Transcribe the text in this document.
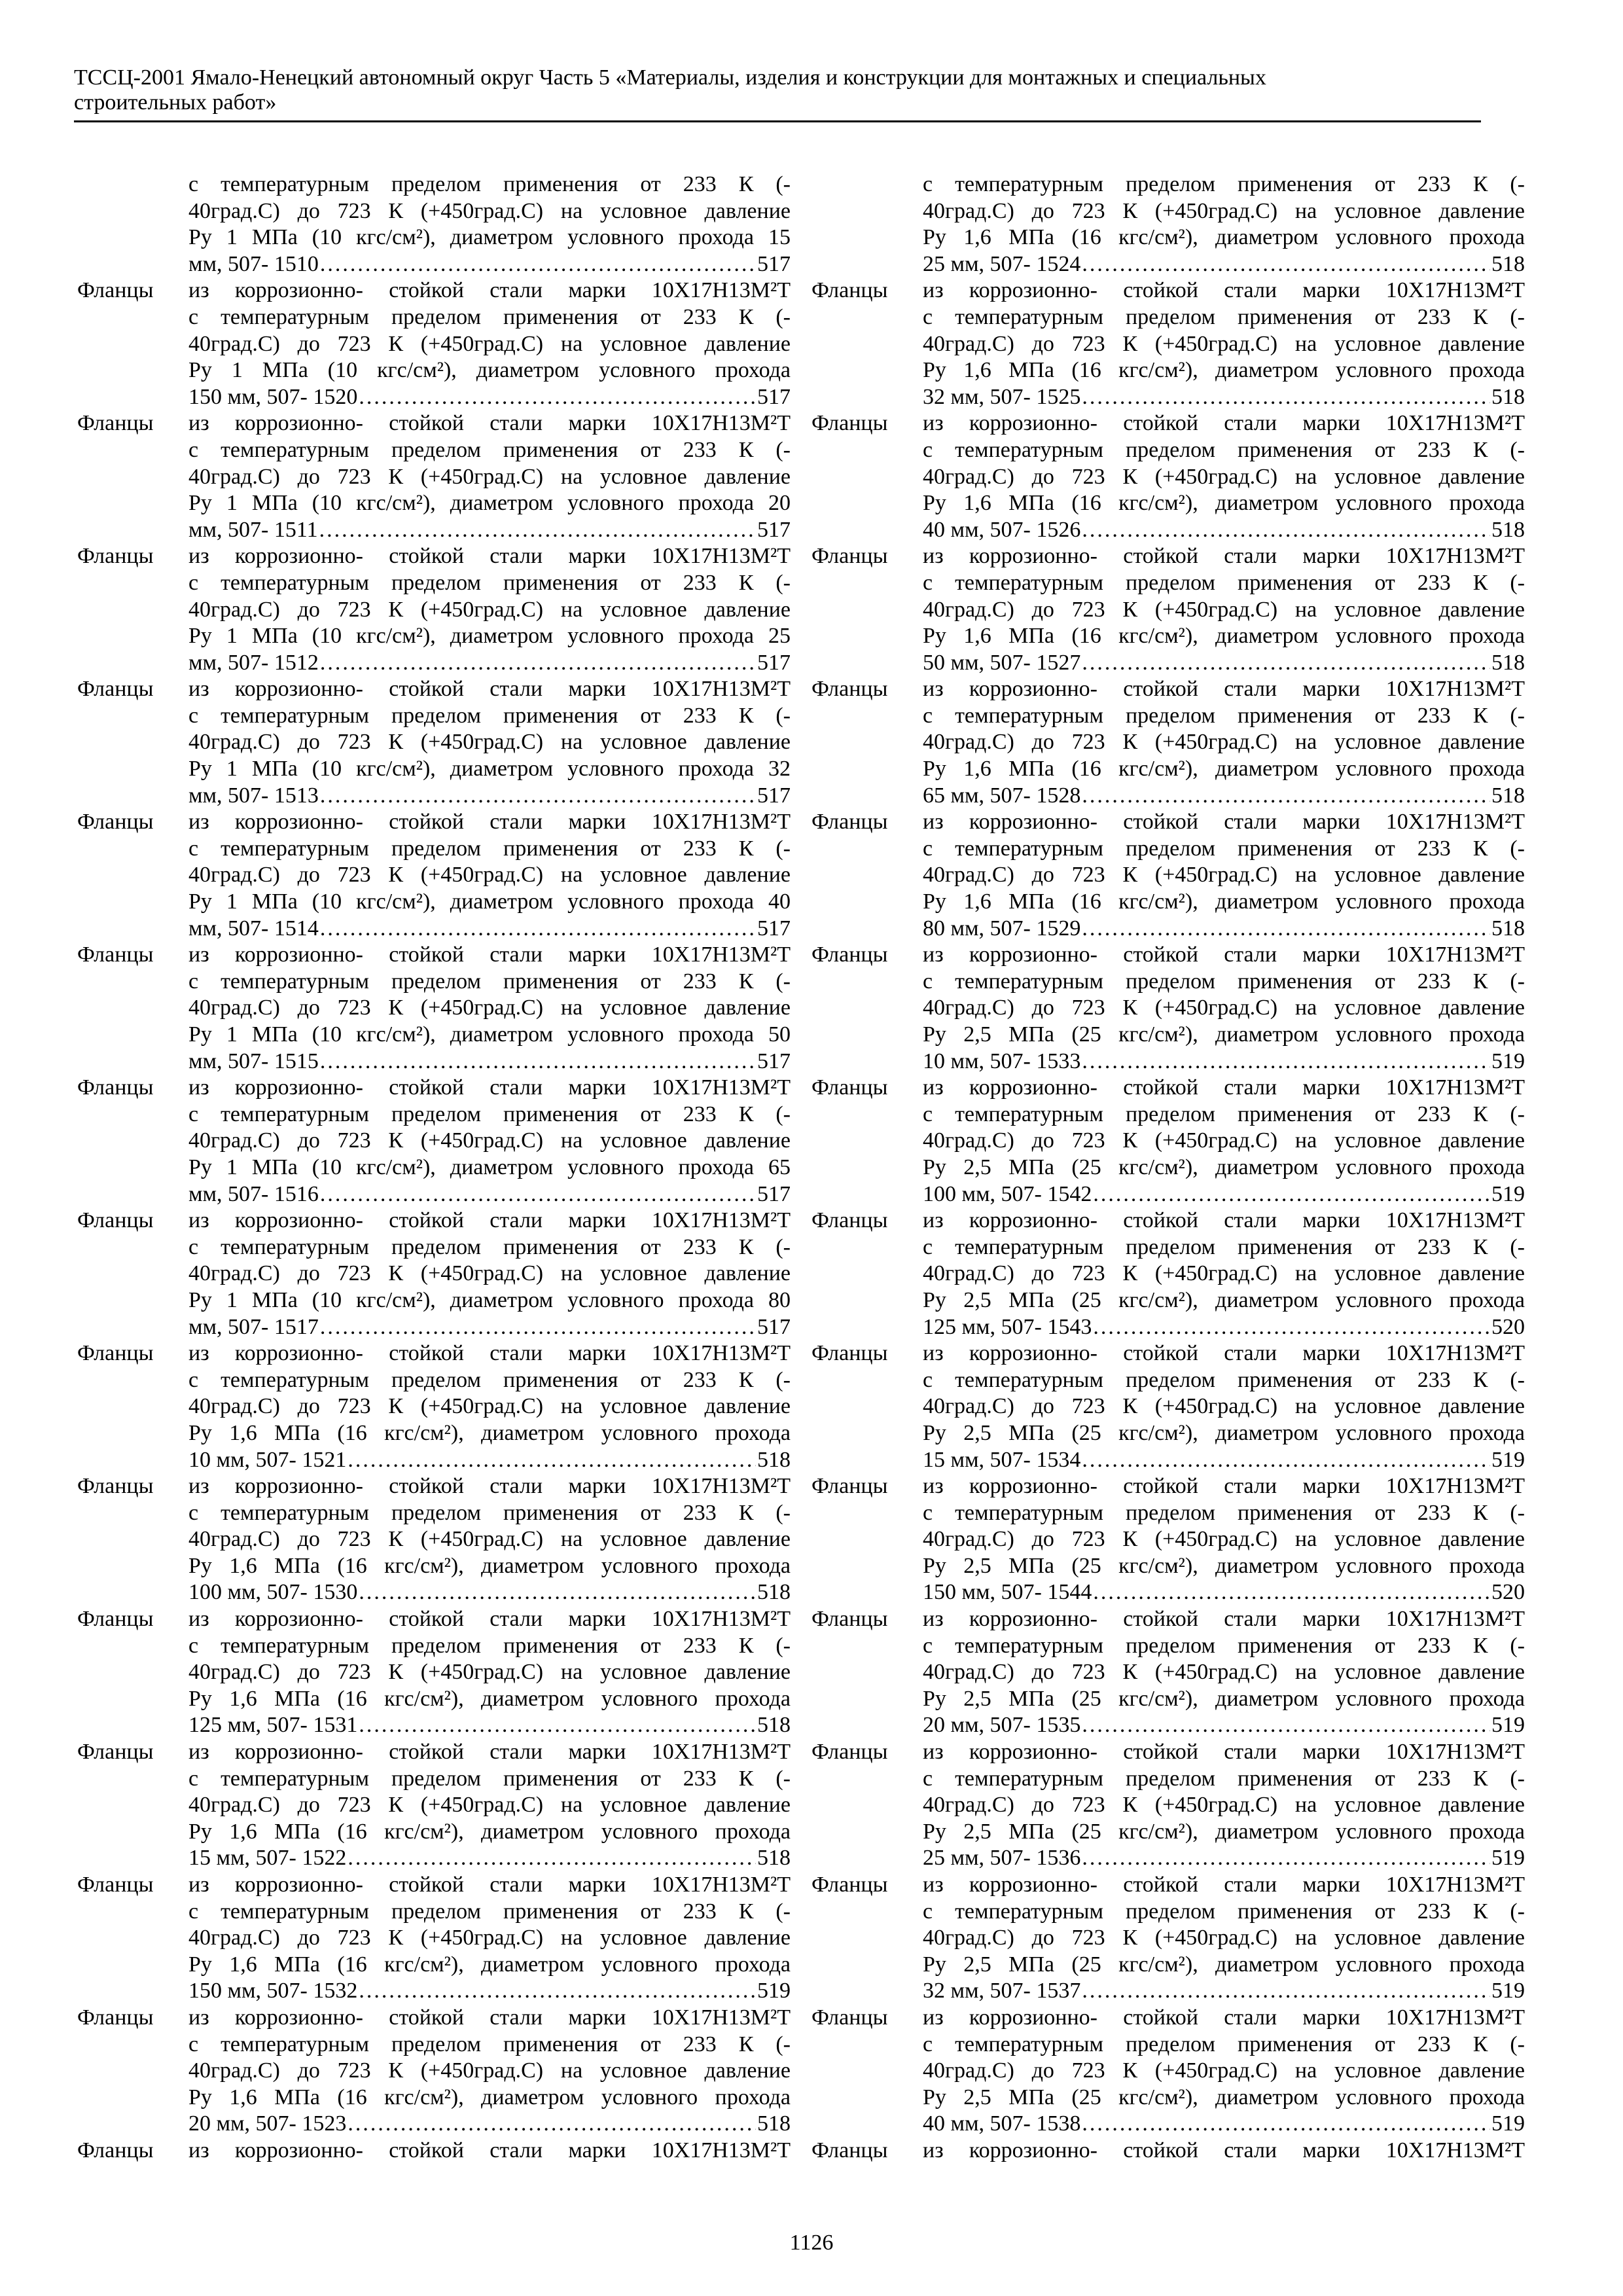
ТССЦ-2001 Ямало-Ненецкий автономный округ Часть 5 «Материалы, изделия и конструкции для монтажных и специальных
строительных работ»
с температурным пределом применения от 233 К (-
40град.С) до 723 К (+450град.С) на условное давление
Ру 1 МПа (10 кгс/см²), диаметром условного прохода 15
мм, 507- 1510 .....	517
Фланцы из коррозионно- стойкой стали марки 10Х17Н13М²Т
с температурным пределом применения от 233 К (-
40град.С) до 723 К (+450град.С) на условное давление
Ру 1 МПа (10 кгс/см²), диаметром условного прохода
150 мм, 507- 1520 .....	517
Фланцы из коррозионно- стойкой стали марки 10Х17Н13М²Т
с температурным пределом применения от 233 К (-
40град.С) до 723 К (+450град.С) на условное давление
Ру 1 МПа (10 кгс/см²), диаметром условного прохода 20
мм, 507- 1511 .....	517
Фланцы из коррозионно- стойкой стали марки 10Х17Н13М²Т
с температурным пределом применения от 233 К (-
40град.С) до 723 К (+450град.С) на условное давление
Ру 1 МПа (10 кгс/см²), диаметром условного прохода 25
мм, 507- 1512 .....	517
Фланцы из коррозионно- стойкой стали марки 10Х17Н13М²Т
с температурным пределом применения от 233 К (-
40град.С) до 723 К (+450град.С) на условное давление
Ру 1 МПа (10 кгс/см²), диаметром условного прохода 32
мм, 507- 1513 .....	517
Фланцы из коррозионно- стойкой стали марки 10Х17Н13М²Т
с температурным пределом применения от 233 К (-
40град.С) до 723 К (+450град.С) на условное давление
Ру 1 МПа (10 кгс/см²), диаметром условного прохода 40
мм, 507- 1514 .....	517
Фланцы из коррозионно- стойкой стали марки 10Х17Н13М²Т
с температурным пределом применения от 233 К (-
40град.С) до 723 К (+450град.С) на условное давление
Ру 1 МПа (10 кгс/см²), диаметром условного прохода 50
мм, 507- 1515 .....	517
Фланцы из коррозионно- стойкой стали марки 10Х17Н13М²Т
с температурным пределом применения от 233 К (-
40град.С) до 723 К (+450град.С) на условное давление
Ру 1 МПа (10 кгс/см²), диаметром условного прохода 65
мм, 507- 1516 .....	517
Фланцы из коррозионно- стойкой стали марки 10Х17Н13М²Т
с температурным пределом применения от 233 К (-
40град.С) до 723 К (+450град.С) на условное давление
Ру 1 МПа (10 кгс/см²), диаметром условного прохода 80
мм, 507- 1517 .....	517
Фланцы из коррозионно- стойкой стали марки 10Х17Н13М²Т
с температурным пределом применения от 233 К (-
40град.С) до 723 К (+450град.С) на условное давление
Ру 1,6 МПа (16 кгс/см²), диаметром условного прохода
10 мм, 507- 1521 .....	518
Фланцы из коррозионно- стойкой стали марки 10Х17Н13М²Т
с температурным пределом применения от 233 К (-
40град.С) до 723 К (+450град.С) на условное давление
Ру 1,6 МПа (16 кгс/см²), диаметром условного прохода
100 мм, 507- 1530 .....	518
Фланцы из коррозионно- стойкой стали марки 10Х17Н13М²Т
с температурным пределом применения от 233 К (-
40град.С) до 723 К (+450град.С) на условное давление
Ру 1,6 МПа (16 кгс/см²), диаметром условного прохода
125 мм, 507- 1531 .....	518
Фланцы из коррозионно- стойкой стали марки 10Х17Н13М²Т
с температурным пределом применения от 233 К (-
40град.С) до 723 К (+450град.С) на условное давление
Ру 1,6 МПа (16 кгс/см²), диаметром условного прохода
15 мм, 507- 1522 .....	518
Фланцы из коррозионно- стойкой стали марки 10Х17Н13М²Т
с температурным пределом применения от 233 К (-
40град.С) до 723 К (+450град.С) на условное давление
Ру 1,6 МПа (16 кгс/см²), диаметром условного прохода
150 мм, 507- 1532 .....	519
Фланцы из коррозионно- стойкой стали марки 10Х17Н13М²Т
с температурным пределом применения от 233 К (-
40град.С) до 723 К (+450град.С) на условное давление
Ру 1,6 МПа (16 кгс/см²), диаметром условного прохода
20 мм, 507- 1523 .....	518
Фланцы из коррозионно- стойкой стали марки 10Х17Н13М²Т
с температурным пределом применения от 233 К (-
40град.С) до 723 К (+450град.С) на условное давление
Ру 1,6 МПа (16 кгс/см²), диаметром условного прохода
25 мм, 507- 1524 .....	518
Фланцы из коррозионно- стойкой стали марки 10Х17Н13М²Т
с температурным пределом применения от 233 К (-
40град.С) до 723 К (+450град.С) на условное давление
Ру 1,6 МПа (16 кгс/см²), диаметром условного прохода
32 мм, 507- 1525 .....	518
Фланцы из коррозионно- стойкой стали марки 10Х17Н13М²Т
с температурным пределом применения от 233 К (-
40град.С) до 723 К (+450град.С) на условное давление
Ру 1,6 МПа (16 кгс/см²), диаметром условного прохода
40 мм, 507- 1526 .....	518
Фланцы из коррозионно- стойкой стали марки 10Х17Н13М²Т
с температурным пределом применения от 233 К (-
40град.С) до 723 К (+450град.С) на условное давление
Ру 1,6 МПа (16 кгс/см²), диаметром условного прохода
50 мм, 507- 1527 .....	518
Фланцы из коррозионно- стойкой стали марки 10Х17Н13М²Т
с температурным пределом применения от 233 К (-
40град.С) до 723 К (+450град.С) на условное давление
Ру 1,6 МПа (16 кгс/см²), диаметром условного прохода
65 мм, 507- 1528 .....	518
Фланцы из коррозионно- стойкой стали марки 10Х17Н13М²Т
с температурным пределом применения от 233 К (-
40град.С) до 723 К (+450град.С) на условное давление
Ру 1,6 МПа (16 кгс/см²), диаметром условного прохода
80 мм, 507- 1529 .....	518
Фланцы из коррозионно- стойкой стали марки 10Х17Н13М²Т
с температурным пределом применения от 233 К (-
40град.С) до 723 К (+450град.С) на условное давление
Ру 2,5 МПа (25 кгс/см²), диаметром условного прохода
10 мм, 507- 1533 .....	519
Фланцы из коррозионно- стойкой стали марки 10Х17Н13М²Т
с температурным пределом применения от 233 К (-
40град.С) до 723 К (+450град.С) на условное давление
Ру 2,5 МПа (25 кгс/см²), диаметром условного прохода
100 мм, 507- 1542 .....	519
Фланцы из коррозионно- стойкой стали марки 10Х17Н13М²Т
с температурным пределом применения от 233 К (-
40град.С) до 723 К (+450град.С) на условное давление
Ру 2,5 МПа (25 кгс/см²), диаметром условного прохода
125 мм, 507- 1543 .....	520
Фланцы из коррозионно- стойкой стали марки 10Х17Н13М²Т
с температурным пределом применения от 233 К (-
40град.С) до 723 К (+450град.С) на условное давление
Ру 2,5 МПа (25 кгс/см²), диаметром условного прохода
15 мм, 507- 1534 .....	519
Фланцы из коррозионно- стойкой стали марки 10Х17Н13М²Т
с температурным пределом применения от 233 К (-
40град.С) до 723 К (+450град.С) на условное давление
Ру 2,5 МПа (25 кгс/см²), диаметром условного прохода
150 мм, 507- 1544 .....	520
Фланцы из коррозионно- стойкой стали марки 10Х17Н13М²Т
с температурным пределом применения от 233 К (-
40град.С) до 723 К (+450град.С) на условное давление
Ру 2,5 МПа (25 кгс/см²), диаметром условного прохода
20 мм, 507- 1535 .....	519
Фланцы из коррозионно- стойкой стали марки 10Х17Н13М²Т
с температурным пределом применения от 233 К (-
40град.С) до 723 К (+450град.С) на условное давление
Ру 2,5 МПа (25 кгс/см²), диаметром условного прохода
25 мм, 507- 1536 .....	519
Фланцы из коррозионно- стойкой стали марки 10Х17Н13М²Т
с температурным пределом применения от 233 К (-
40град.С) до 723 К (+450град.С) на условное давление
Ру 2,5 МПа (25 кгс/см²), диаметром условного прохода
32 мм, 507- 1537 .....	519
Фланцы из коррозионно- стойкой стали марки 10Х17Н13М²Т
с температурным пределом применения от 233 К (-
40град.С) до 723 К (+450град.С) на условное давление
Ру 2,5 МПа (25 кгс/см²), диаметром условного прохода
40 мм, 507- 1538 .....	519
Фланцы из коррозионно- стойкой стали марки 10Х17Н13М²Т
1126
